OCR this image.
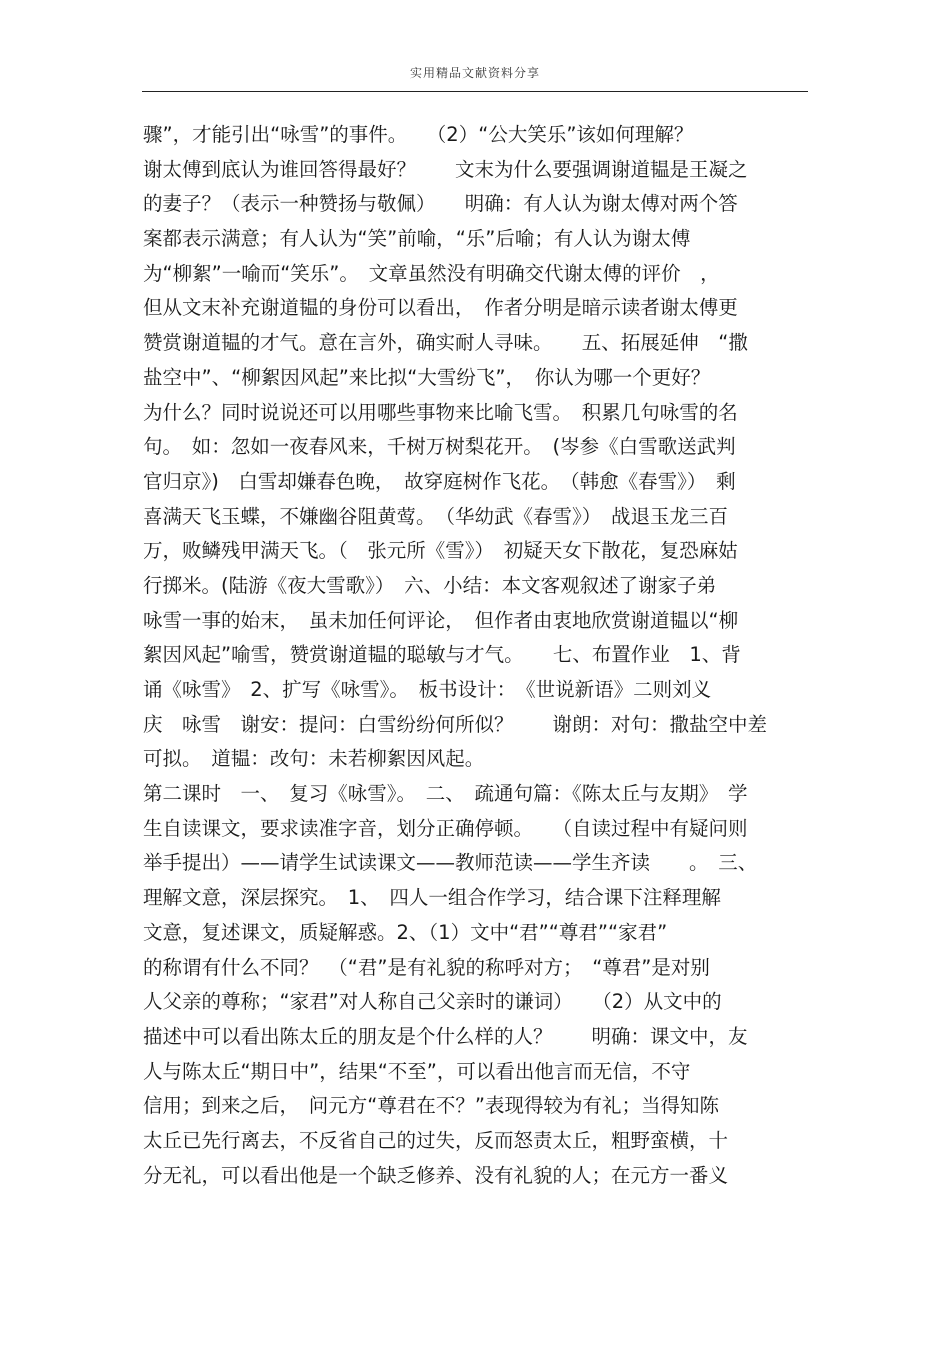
实用精品文献资料分享
骤”，才能引出“咏雪”的事件。　　（2）“公大笑乐”该如何理解？
谢太傅到底认为谁回答得最好？　　文末为什么要强调谢道韫是王凝之
的妻子？（表示一种赞扬与敬佩）　　明确：有人认为谢太傅对两个答
案都表示满意；有人认为“笑”前喻，“乐”后喻；有人认为谢太傅
为“柳絮”一喻而“笑乐”。　文章虽然没有明确交代谢太傅的评价　，
但从文末补充谢道韫的身份可以看出，　作者分明是暗示读者谢太傅更
赞赏谢道韫的才气。意在言外，确实耐人寻味。　　五、拓展延伸　“撒
盐空中”、“柳絮因风起”来比拟“大雪纷飞”，　你认为哪一个更好？
为什么？同时说说还可以用哪些事物来比喻飞雪。　积累几句咏雪的名
句。　如：忽如一夜春风来，千树万树梨花开。　(岑参《白雪歌送武判
官归京》)　白雪却嫌春色晚，　故穿庭树作飞花。　（韩愈《春雪》）　剩
喜满天飞玉蝶，不嫌幽谷阻黄莺。　（华幼武《春雪》）　战退玉龙三百
万，败鳞残甲满天飞。（　张元所《雪》）　初疑天女下散花，复恐麻姑
行掷米。(陆游《夜大雪歌》）　六、小结：本文客观叙述了谢家子弟
咏雪一事的始末，　虽未加任何评论，　但作者由衷地欣赏谢道韫以“柳
絮因风起”喻雪，赞赏谢道韫的聪敏与才气。　　七、布置作业　1、背
诵《咏雪》　2、扩写《咏雪》。　板书设计：　《世说新语》二则刘义
庆　咏雪　谢安：提问：白雪纷纷何所似？　　谢朗：对句：撒盐空中差
可拟。　道韫：改句：未若柳絮因风起。
第二课时　一、　复习《咏雪》。　二、　疏通句篇：《陈太丘与友期》　学
生自读课文，要求读准字音，划分正确停顿。　　（自读过程中有疑问则
举手提出）——请学生试读课文——教师范读——学生齐读　　。　三、
理解文意，深层探究。　1、　四人一组合作学习，结合课下注释理解
文意，复述课文，质疑解惑。2、（1）文中“君”“尊君”“家君”
的称谓有什么不同？　（“君”是有礼貌的称呼对方；　“尊君”是对别
人父亲的尊称；“家君”对人称自己父亲时的谦词）　　（2）从文中的
描述中可以看出陈太丘的朋友是个什么样的人？　　明确：课文中，友
人与陈太丘“期日中”，结果“不至”，可以看出他言而无信，不守
信用；到来之后，　问元方“尊君在不？”表现得较为有礼；当得知陈
太丘已先行离去，不反省自己的过失，反而怒责太丘，粗野蛮横，十
分无礼，可以看出他是一个缺乏修养、没有礼貌的人；在元方一番义
